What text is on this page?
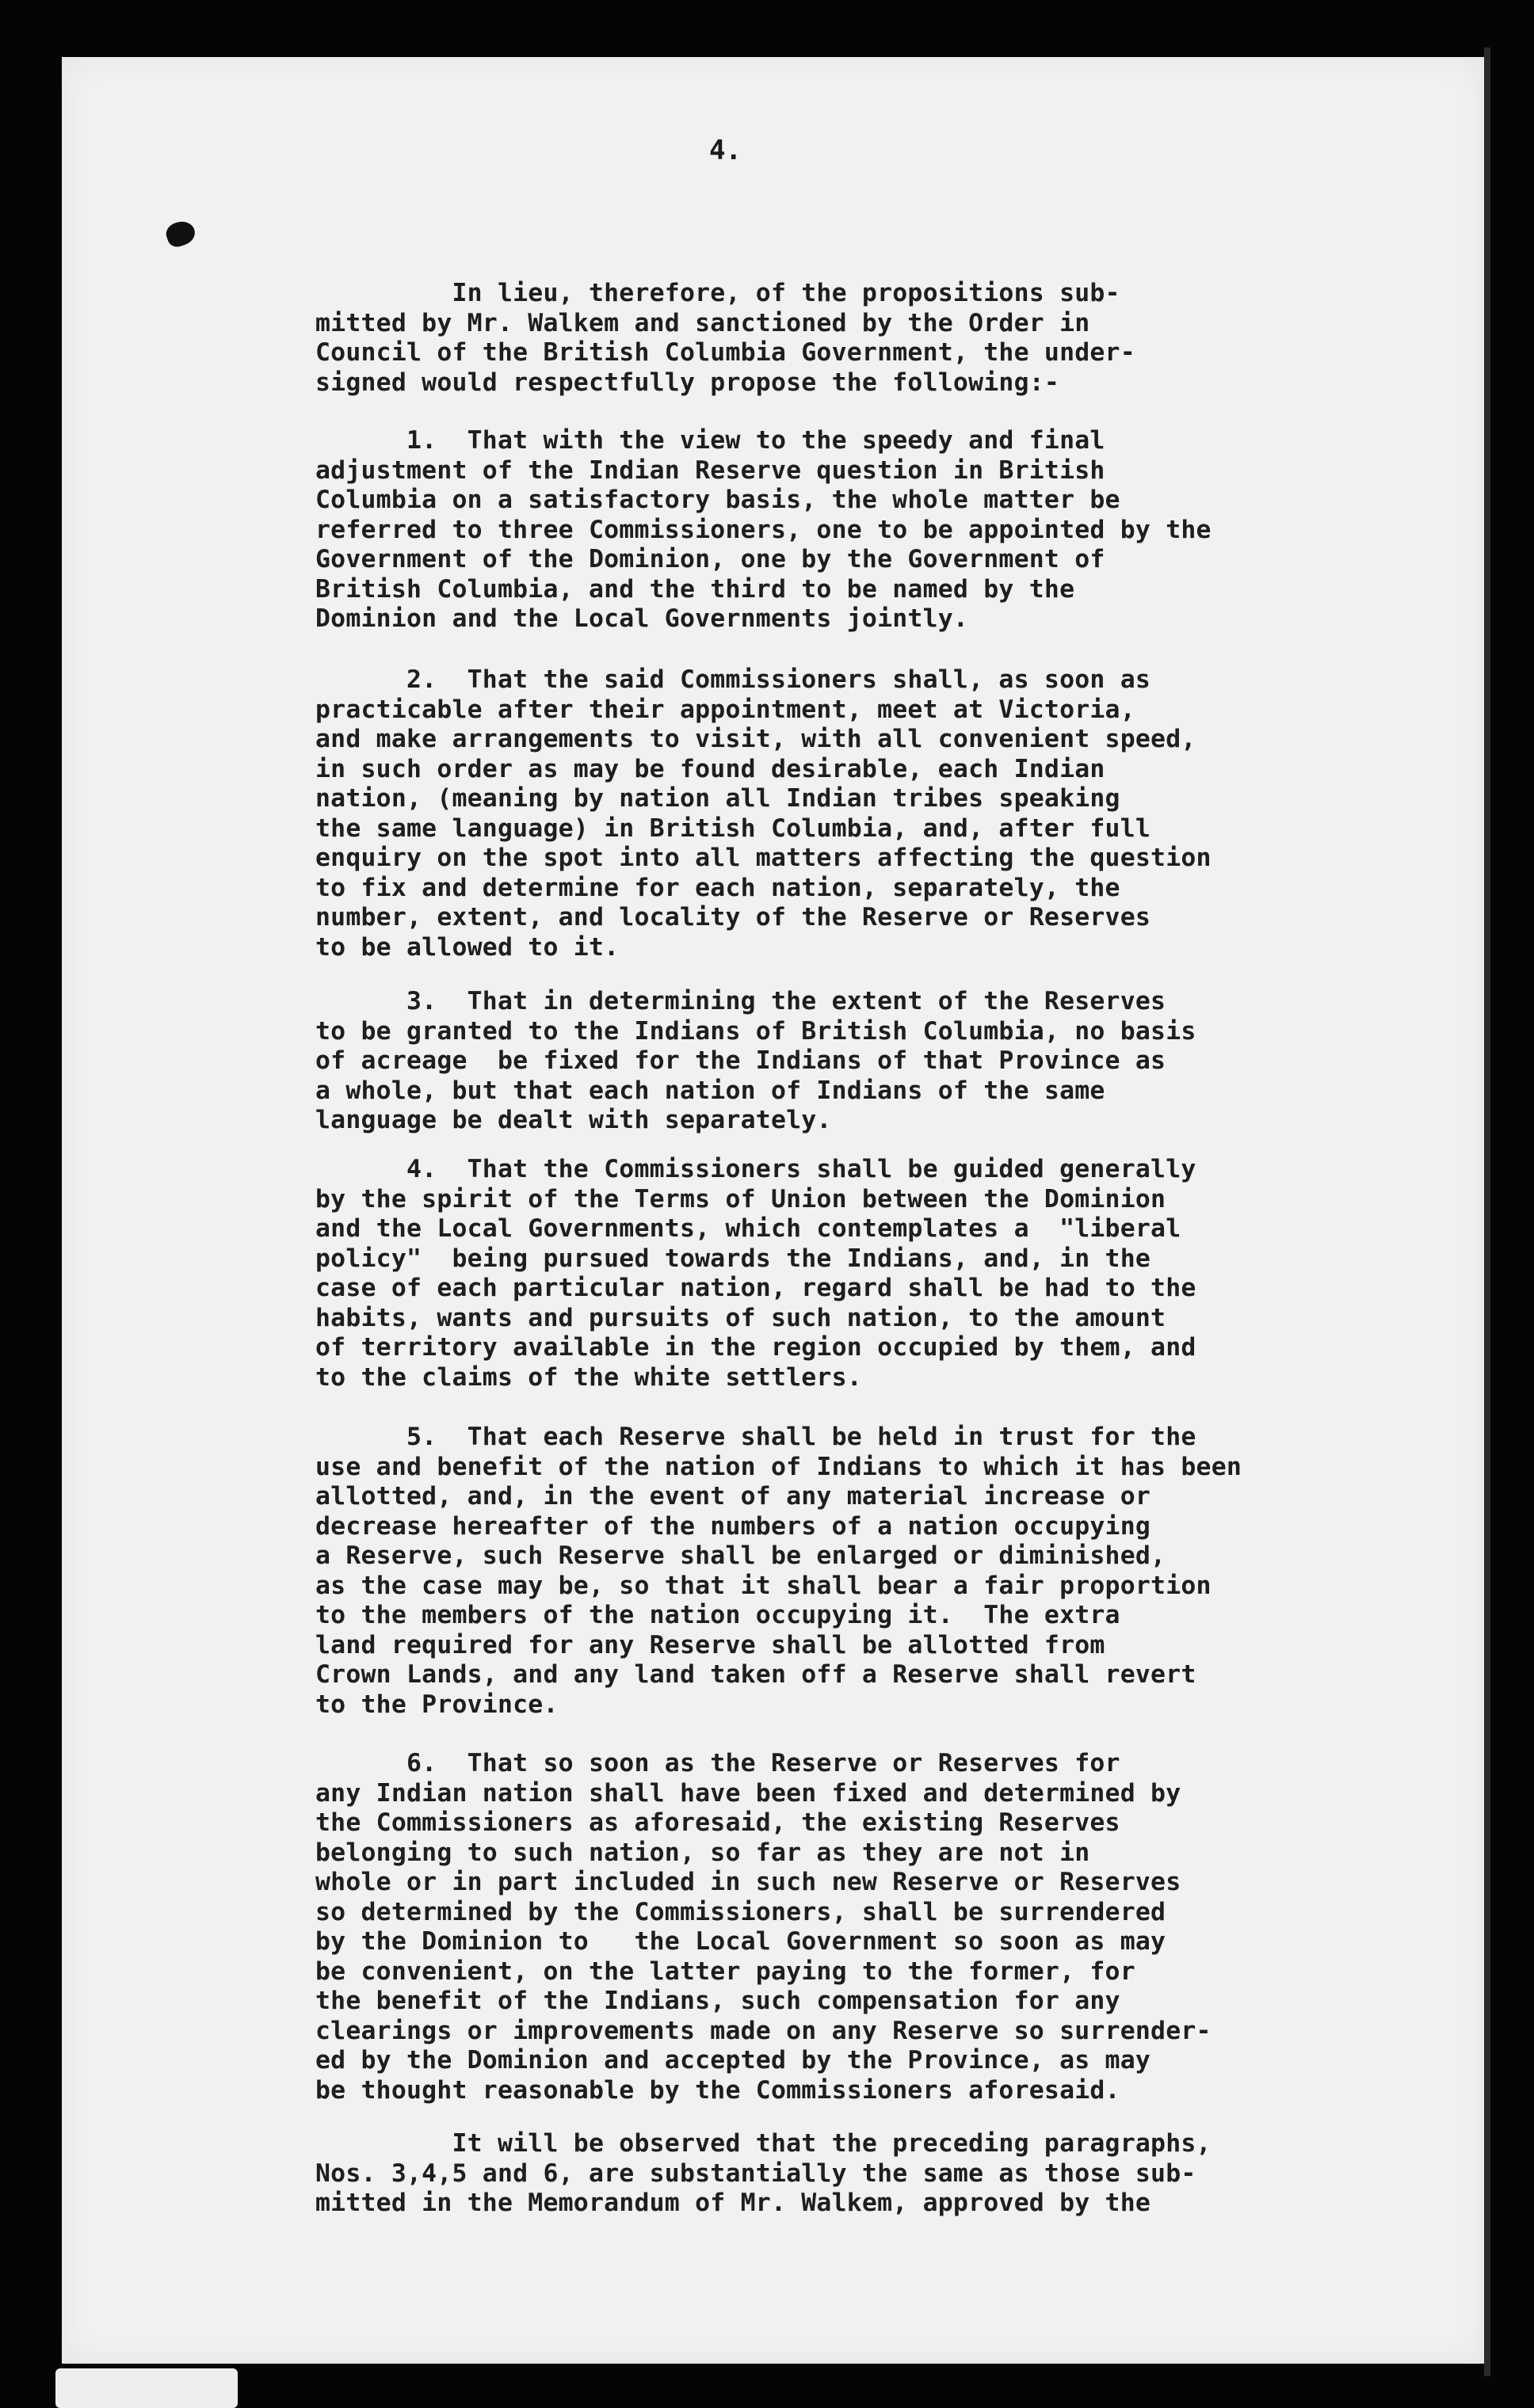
4.
In lieu, therefore, of the propositions sub-
mitted by Mr. Walkem and sanctioned by the Order in
Council of the British Columbia Government, the under-
signed would respectfully propose the following:-
1.  That with the view to the speedy and final
adjustment of the Indian Reserve question in British
Columbia on a satisfactory basis, the whole matter be
referred to three Commissioners, one to be appointed by the
Government of the Dominion, one by the Government of
British Columbia, and the third to be named by the
Dominion and the Local Governments jointly.
2.  That the said Commissioners shall, as soon as
practicable after their appointment, meet at Victoria,
and make arrangements to visit, with all convenient speed,
in such order as may be found desirable, each Indian
nation, (meaning by nation all Indian tribes speaking
the same language) in British Columbia, and, after full
enquiry on the spot into all matters affecting the question
to fix and determine for each nation, separately, the
number, extent, and locality of the Reserve or Reserves
to be allowed to it.
3.  That in determining the extent of the Reserves
to be granted to the Indians of British Columbia, no basis
of acreage  be fixed for the Indians of that Province as
a whole, but that each nation of Indians of the same
language be dealt with separately.
4.  That the Commissioners shall be guided generally
by the spirit of the Terms of Union between the Dominion
and the Local Governments, which contemplates a  "liberal
policy"  being pursued towards the Indians, and, in the
case of each particular nation, regard shall be had to the
habits, wants and pursuits of such nation, to the amount
of territory available in the region occupied by them, and
to the claims of the white settlers.
5.  That each Reserve shall be held in trust for the
use and benefit of the nation of Indians to which it has been
allotted, and, in the event of any material increase or
decrease hereafter of the numbers of a nation occupying
a Reserve, such Reserve shall be enlarged or diminished,
as the case may be, so that it shall bear a fair proportion
to the members of the nation occupying it.  The extra
land required for any Reserve shall be allotted from
Crown Lands, and any land taken off a Reserve shall revert
to the Province.
6.  That so soon as the Reserve or Reserves for
any Indian nation shall have been fixed and determined by
the Commissioners as aforesaid, the existing Reserves
belonging to such nation, so far as they are not in
whole or in part included in such new Reserve or Reserves
so determined by the Commissioners, shall be surrendered
by the Dominion to   the Local Government so soon as may
be convenient, on the latter paying to the former, for
the benefit of the Indians, such compensation for any
clearings or improvements made on any Reserve so surrender-
ed by the Dominion and accepted by the Province, as may
be thought reasonable by the Commissioners aforesaid.
It will be observed that the preceding paragraphs,
Nos. 3,4,5 and 6, are substantially the same as those sub-
mitted in the Memorandum of Mr. Walkem, approved by the
